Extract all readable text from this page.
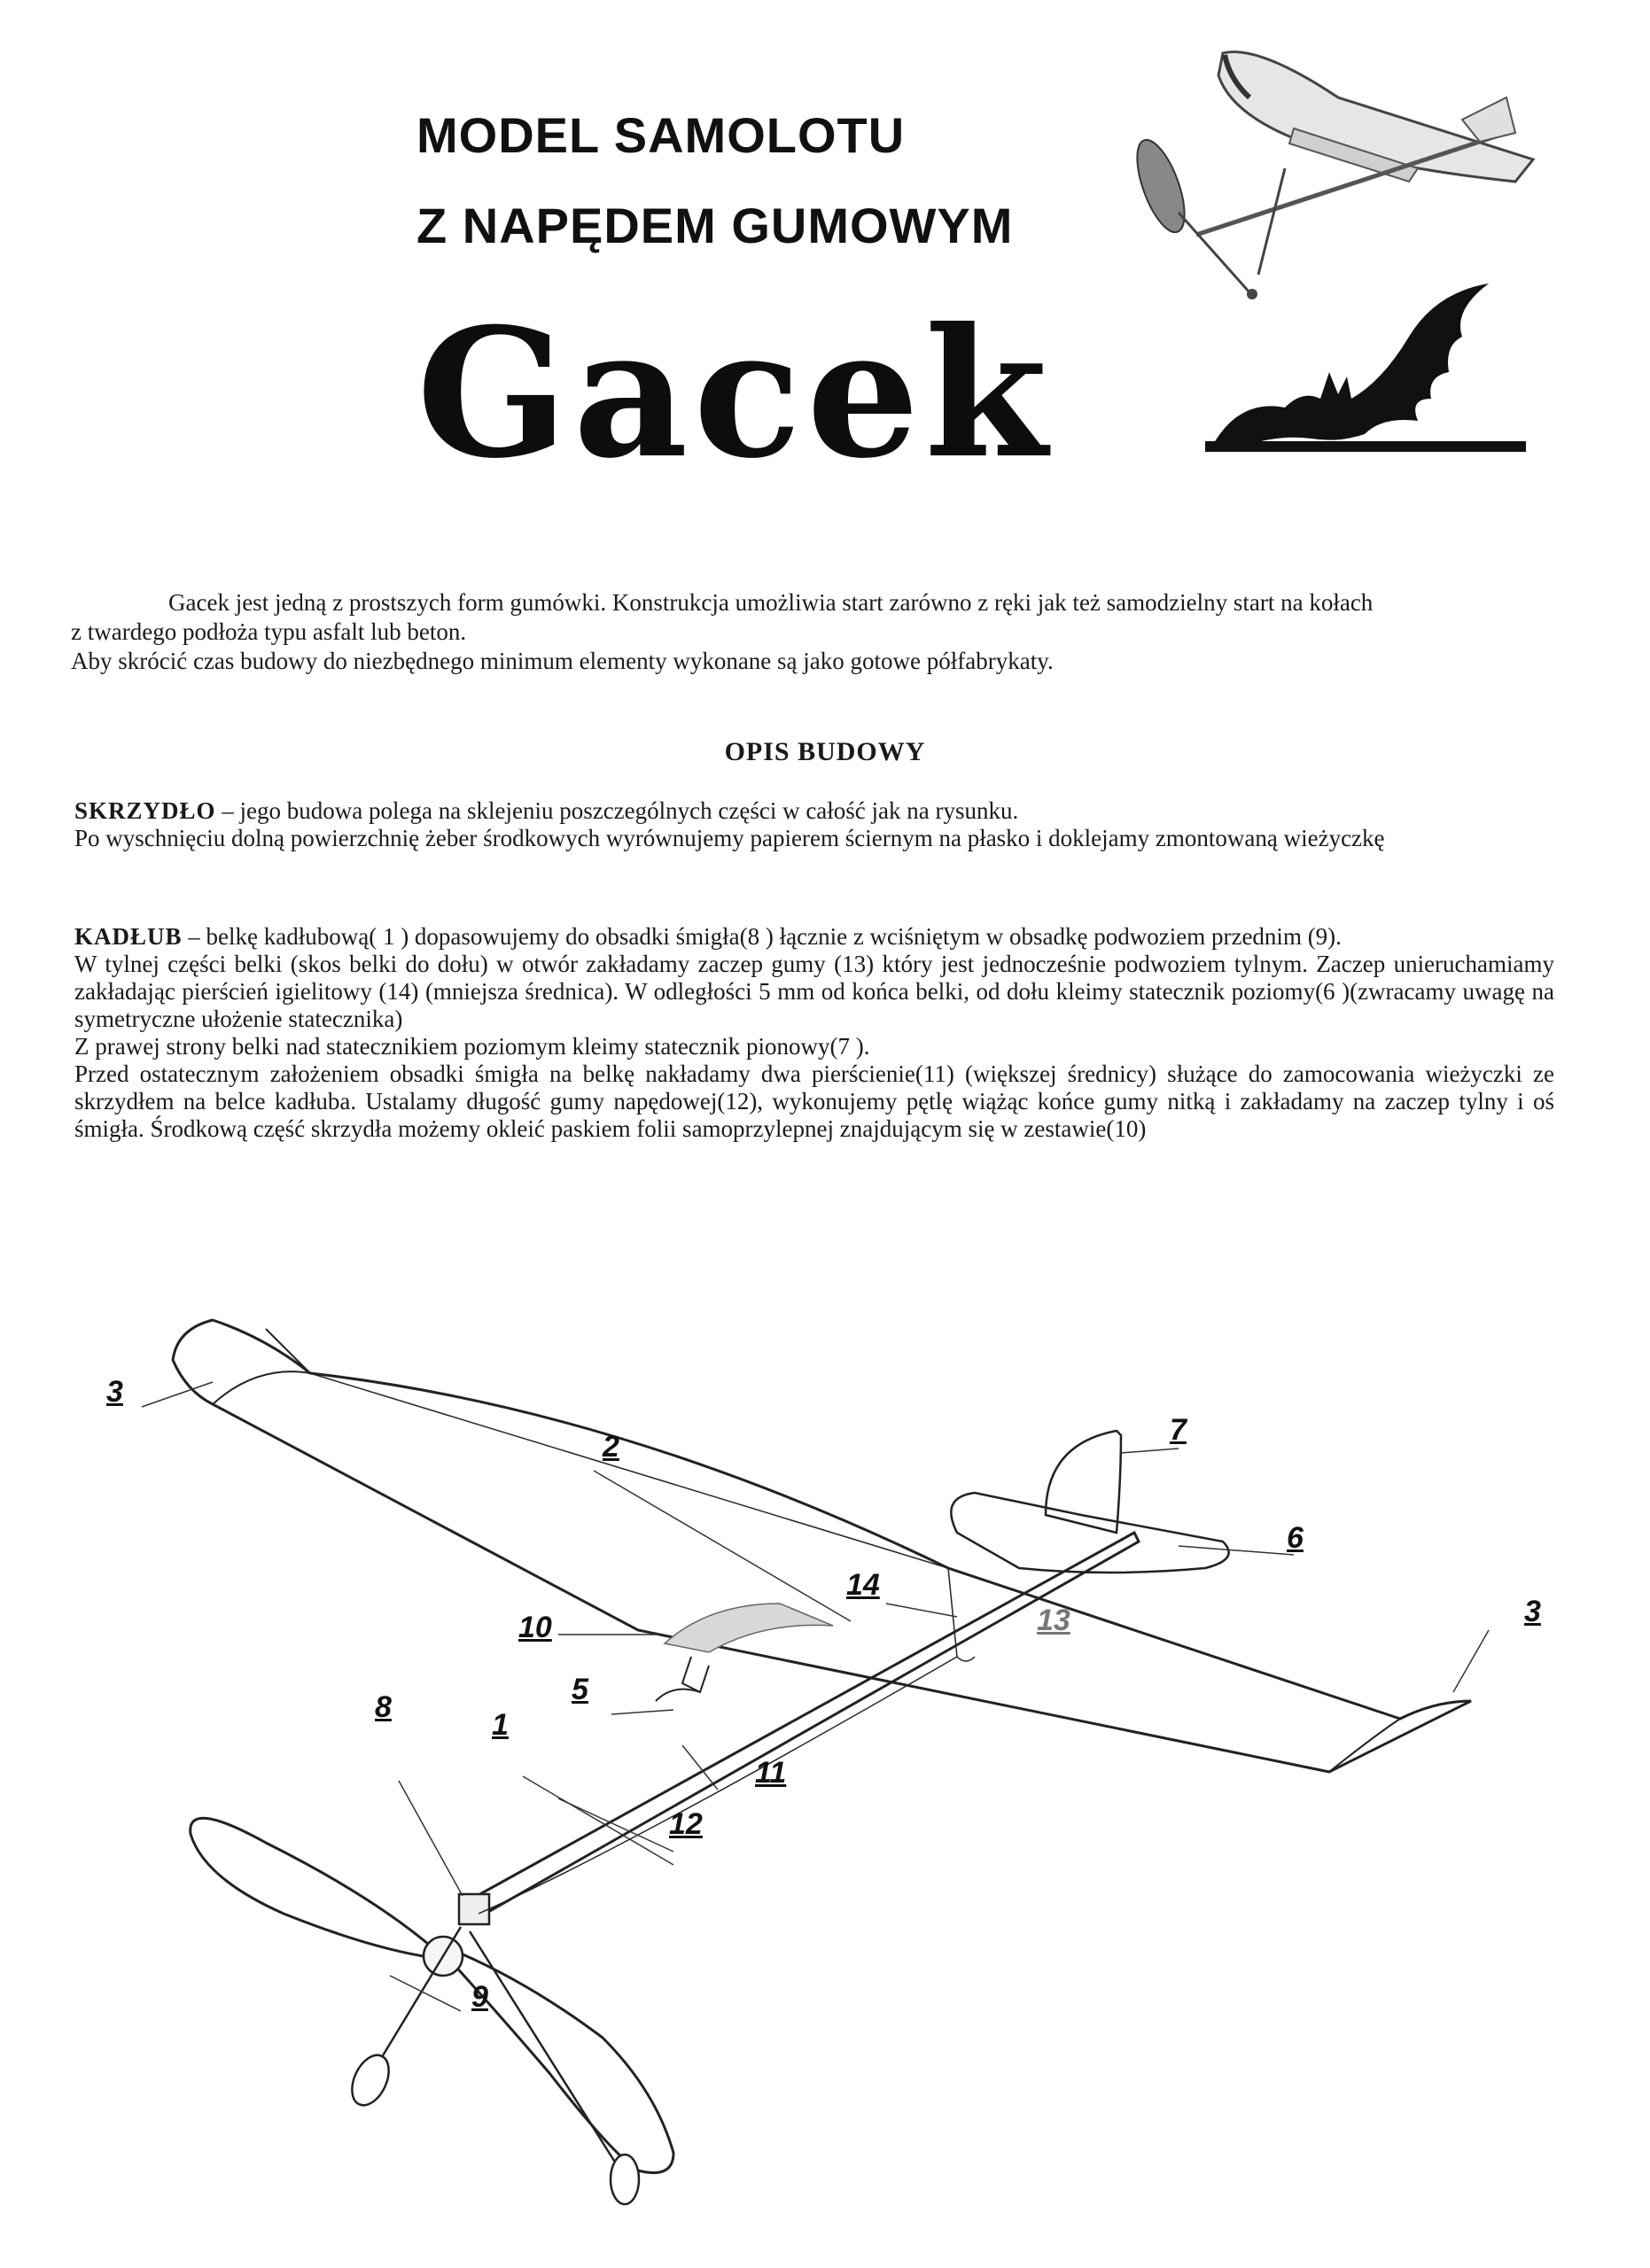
MODEL SAMOLOTU
Z NAPĘDEM GUMOWYM
Gacek
Gacek jest jedną z prostszych form gumówki. Konstrukcja umożliwia start zarówno z ręki jak też samodzielny start na kołach
z twardego podłoża typu asfalt lub beton.
Aby skrócić czas budowy do niezbędnego minimum elementy wykonane są jako gotowe półfabrykaty.
OPIS BUDOWY

SKRZYDŁO – jego budowa polega na sklejeniu poszczególnych części w całość jak na rysunku.

Po wyschnięciu dolną powierzchnię żeber środkowych wyrównujemy papierem ściernym na płasko i doklejamy zmontowaną wieżyczkę

KADŁUB – belkę kadłubową( 1 ) dopasowujemy do obsadki śmigła(8 ) łącznie z wciśniętym w obsadkę podwoziem przednim (9).

W tylnej części belki (skos belki do dołu) w otwór zakładamy zaczep gumy (13) który jest jednocześnie podwoziem tylnym. Zaczep unieruchamiamy zakładając pierścień igielitowy (14) (mniejsza średnica). W odległości 5 mm od końca belki, od dołu kleimy statecznik poziomy(6 )(zwracamy uwagę na symetryczne ułożenie statecznika)

Z prawej strony belki nad statecznikiem poziomym kleimy statecznik pionowy(7 ).

Przed ostatecznym założeniem obsadki śmigła na belkę nakładamy dwa pierścienie(11) (większej średnicy) służące do zamocowania wieżyczki ze skrzydłem na belce kadłuba. Ustalamy długość gumy napędowej(12), wykonujemy pętlę wiążąc końce gumy nitką i zakładamy na zaczep tylny i oś śmigła. Środkową część skrzydła możemy okleić paskiem folii samoprzylepnej znajdującym się w zestawie(10)

3
2	7
6
14
13	3
10
5
8
1
11
12
9
